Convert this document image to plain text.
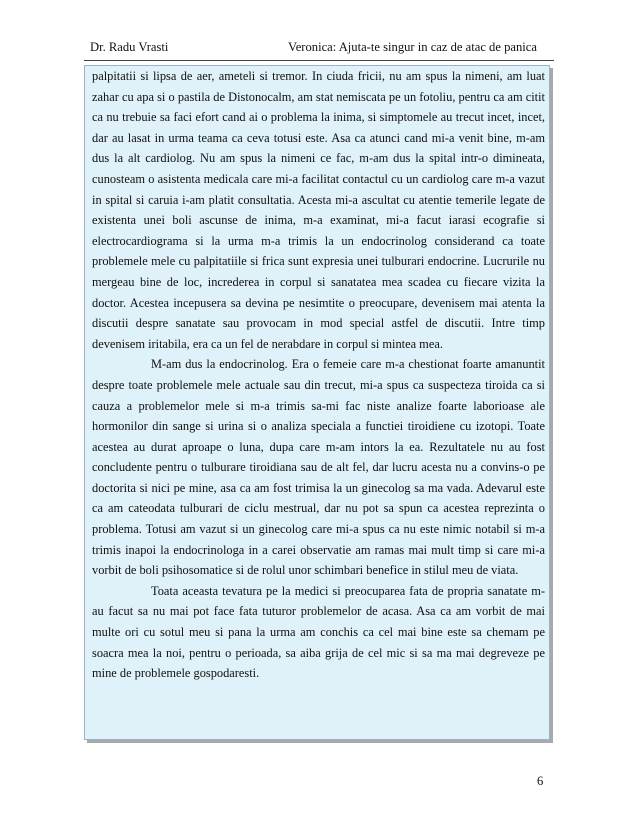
Dr. Radu Vrasti	Veronica: Ajuta-te singur in caz de atac de panica

palpitatii si lipsa de aer, ameteli si tremor. In ciuda fricii, nu am spus la nimeni, am luat zahar cu apa si o pastila de Distonocalm, am stat nemiscata pe un fotoliu, pentru ca am citit ca nu trebuie sa faci efort cand ai o problema la inima, si simptomele au trecut incet, incet, dar au lasat in urma teama ca ceva totusi este. Asa ca atunci cand mi-a venit bine, m-am dus la alt cardiolog. Nu am spus la nimeni ce fac, m-am dus la spital intr-o dimineata, cunosteam o asistenta medicala care mi-a facilitat contactul cu un cardiolog care m-a vazut in spital si caruia i-am platit consultatia. Acesta mi-a ascultat cu atentie temerile legate de existenta unei boli ascunse de inima, m-a examinat, mi-a facut iarasi ecografie si electrocardiograma si la urma m-a trimis la un endocrinolog considerand ca toate problemele mele cu palpitatiile si frica sunt expresia unei tulburari endocrine. Lucrurile nu mergeau bine de loc, increderea in corpul si sanatatea mea scadea cu fiecare vizita la doctor. Acestea incepusera sa devina pe nesimtite o preocupare, devenisem mai atenta la discutii despre sanatate sau provocam in mod special astfel de discutii. Intre timp devenisem iritabila, era ca un fel de nerabdare in corpul si mintea mea.

M-am dus la endocrinolog. Era o femeie care m-a chestionat foarte amanuntit despre toate problemele mele actuale sau din trecut, mi-a spus ca suspecteza tiroida ca si cauza a problemelor mele si m-a trimis sa-mi fac niste analize foarte laborioase ale hormonilor din sange si urina si o analiza speciala a functiei tiroidiene cu izotopi. Toate acestea au durat aproape o luna, dupa care m-am intors la ea. Rezultatele nu au fost concludente pentru o tulburare tiroidiana sau de alt fel, dar lucru acesta nu a convins-o pe doctorita si nici pe mine, asa ca am fost trimisa la un ginecolog sa ma vada. Adevarul este ca am cateodata tulburari de ciclu mestrual, dar nu pot sa spun ca acestea reprezinta o problema. Totusi am vazut si un ginecolog care mi-a spus ca nu este nimic notabil si m-a trimis inapoi la endocrinologa in a carei observatie am ramas mai mult timp si care mi-a vorbit de boli psihosomatice si de rolul unor schimbari benefice in stilul meu de viata.

Toata aceasta tevatura pe la medici si preocuparea fata de propria sanatate m-au facut sa nu mai pot face fata tuturor problemelor de acasa. Asa ca am vorbit de mai multe ori cu sotul meu si pana la urma am conchis ca cel mai bine este sa chemam pe soacra mea la noi, pentru o perioada, sa aiba grija de cel mic si sa ma mai degreveze pe mine de problemele gospodaresti.

6
